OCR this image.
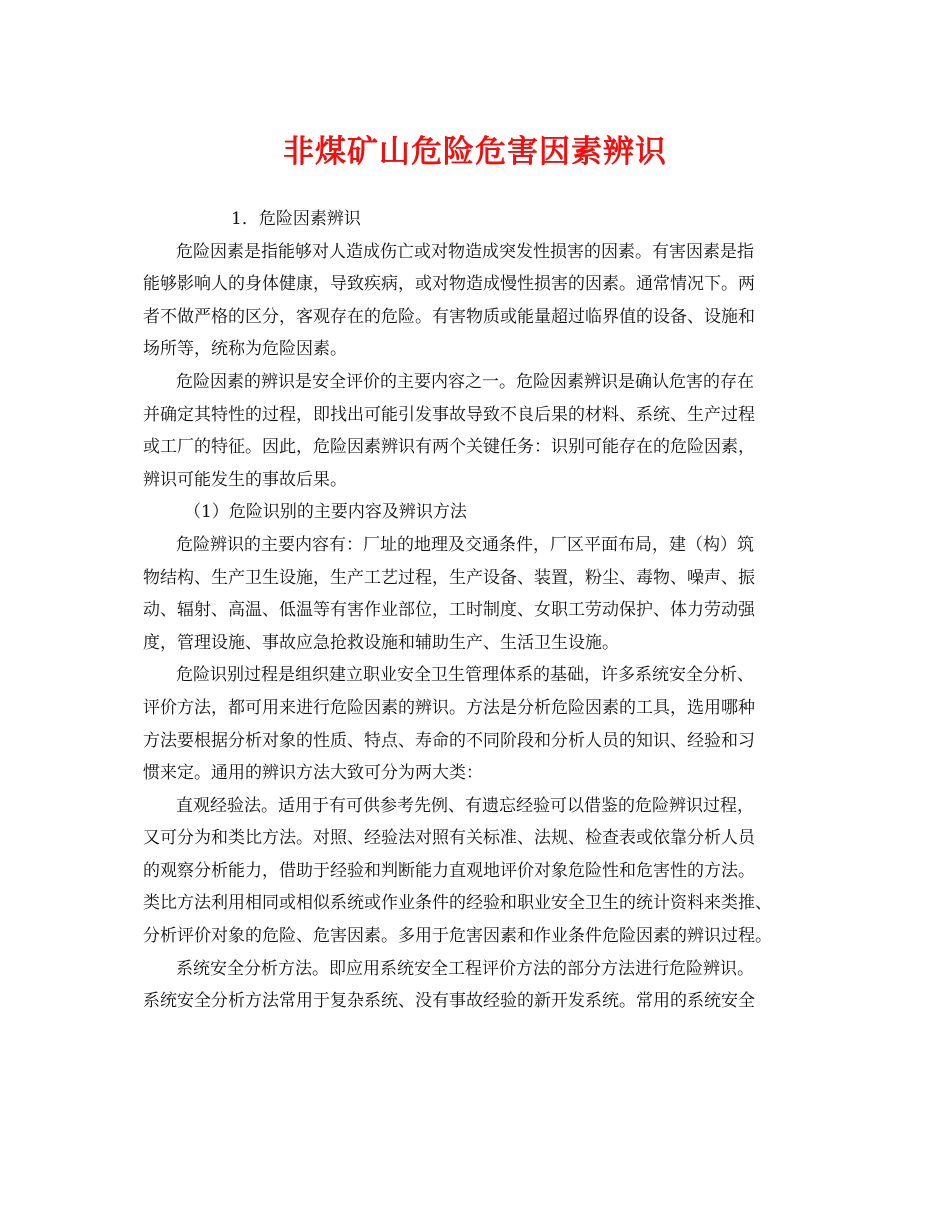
非煤矿山危险危害因素辨识

1．危险因素辨识

危险因素是指能够对人造成伤亡或对物造成突发性损害的因素。有害因素是指

能够影响人的身体健康，导致疾病，或对物造成慢性损害的因素。通常情况下。两

者不做严格的区分，客观存在的危险。有害物质或能量超过临界值的设备、设施和

场所等，统称为危险因素。

危险因素的辨识是安全评价的主要内容之一。危险因素辨识是确认危害的存在

并确定其特性的过程，即找出可能引发事故导致不良后果的材料、系统、生产过程

或工厂的特征。因此，危险因素辨识有两个关键任务：识别可能存在的危险因素，

辨识可能发生的事故后果。

（1）危险识别的主要内容及辨识方法

危险辨识的主要内容有：厂址的地理及交通条件，厂区平面布局，建（构）筑

物结构、生产卫生设施，生产工艺过程，生产设备、装置，粉尘、毒物、噪声、振

动、辐射、高温、低温等有害作业部位，工时制度、女职工劳动保护、体力劳动强

度，管理设施、事故应急抢救设施和辅助生产、生活卫生设施。

危险识别过程是组织建立职业安全卫生管理体系的基础，许多系统安全分析、

评价方法，都可用来进行危险因素的辨识。方法是分析危险因素的工具，选用哪种

方法要根据分析对象的性质、特点、寿命的不同阶段和分析人员的知识、经验和习

惯来定。通用的辨识方法大致可分为两大类：

直观经验法。适用于有可供参考先例、有遗忘经验可以借鉴的危险辨识过程，

又可分为和类比方法。对照、经验法对照有关标准、法规、检查表或依靠分析人员

的观察分析能力，借助于经验和判断能力直观地评价对象危险性和危害性的方法。

类比方法利用相同或相似系统或作业条件的经验和职业安全卫生的统计资料来类推、

分析评价对象的危险、危害因素。多用于危害因素和作业条件危险因素的辨识过程。

系统安全分析方法。即应用系统安全工程评价方法的部分方法进行危险辨识。

系统安全分析方法常用于复杂系统、没有事故经验的新开发系统。常用的系统安全
